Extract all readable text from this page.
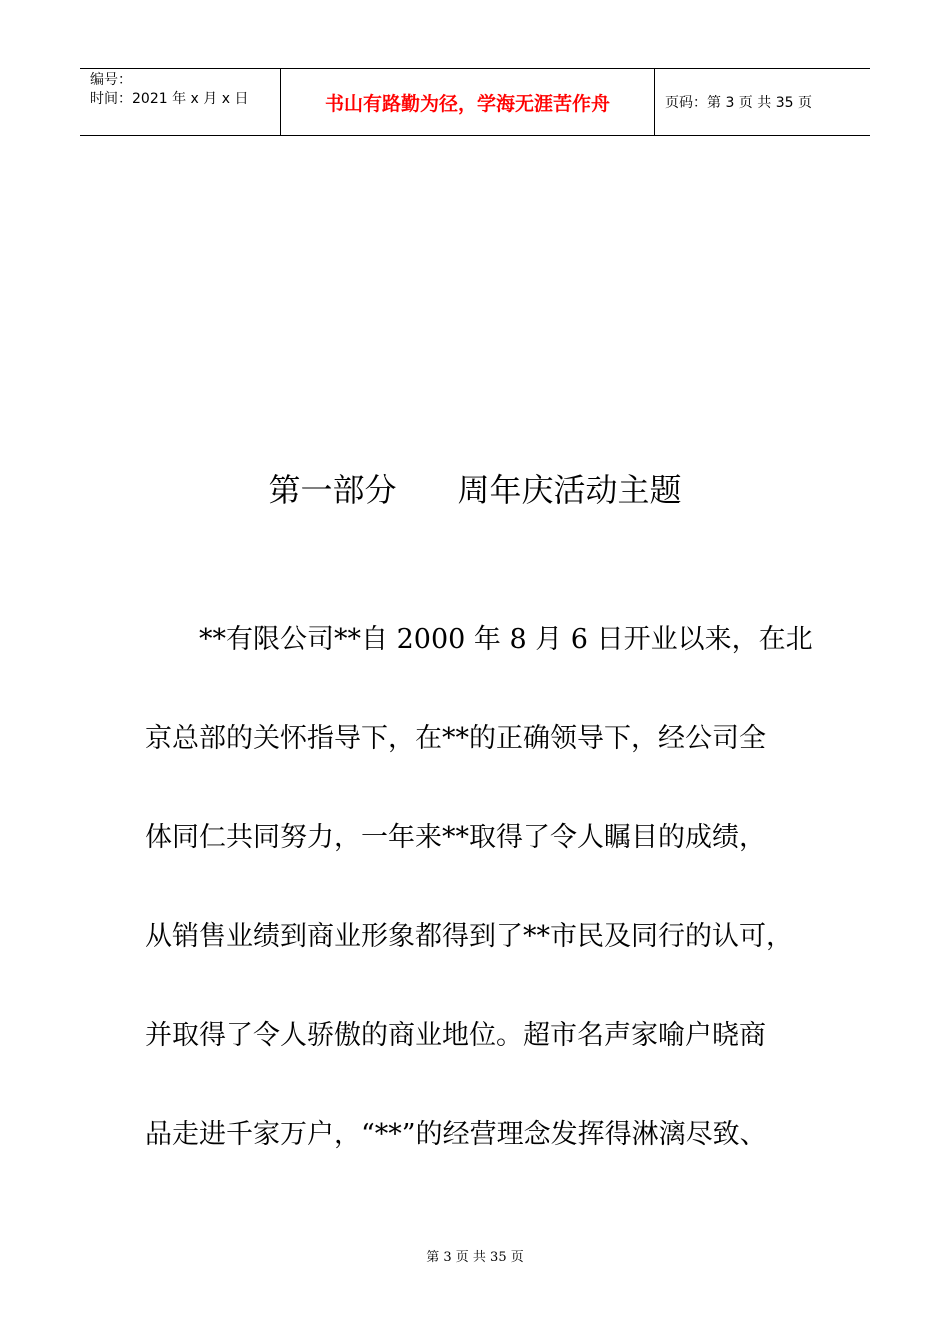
编号：
时间：2021 年 x 月 x 日	书山有路勤为径，学海无涯苦作舟	页码：第 3 页 共 35 页
第一部分      周年庆活动主题
**有限公司**自 2000 年 8 月 6 日开业以来，在北
京总部的关怀指导下，在**的正确领导下，经公司全
体同仁共同努力，一年来**取得了令人瞩目的成绩，
从销售业绩到商业形象都得到了**市民及同行的认可，
并取得了令人骄傲的商业地位。超市名声家喻户晓商
品走进千家万户，“**”的经营理念发挥得淋漓尽致、
第 3 页 共 35 页
